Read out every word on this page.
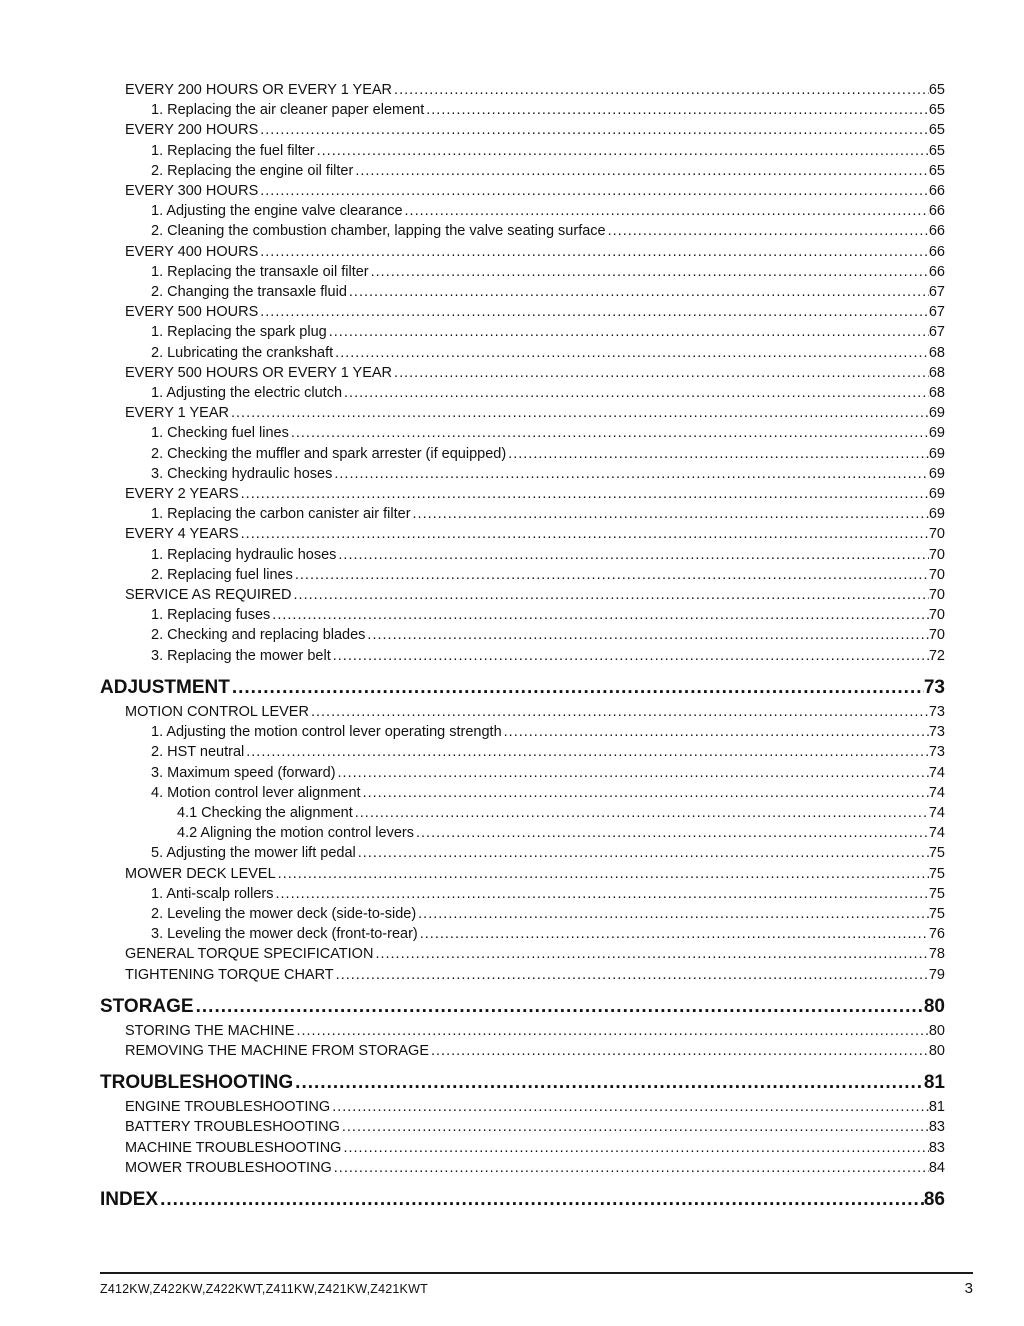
EVERY 200 HOURS OR EVERY 1 YEAR .....	65
1. Replacing the air cleaner paper element .....	65
EVERY 200 HOURS .....	65
1. Replacing the fuel filter .....	65
2. Replacing the engine oil filter .....	65
EVERY 300 HOURS .....	66
1. Adjusting the engine valve clearance .....	66
2. Cleaning the combustion chamber, lapping the valve seating surface .....	66
EVERY 400 HOURS .....	66
1. Replacing the transaxle oil filter .....	66
2. Changing the transaxle fluid .....	67
EVERY 500 HOURS .....	67
1. Replacing the spark plug .....	67
2. Lubricating the crankshaft .....	68
EVERY 500 HOURS OR EVERY 1 YEAR .....	68
1. Adjusting the electric clutch .....	68
EVERY 1 YEAR .....	69
1. Checking fuel lines .....	69
2. Checking the muffler and spark arrester (if equipped) .....	69
3. Checking hydraulic hoses .....	69
EVERY 2 YEARS .....	69
1. Replacing the carbon canister air filter .....	69
EVERY 4 YEARS .....	70
1. Replacing hydraulic hoses .....	70
2. Replacing fuel lines .....	70
SERVICE AS REQUIRED .....	70
1. Replacing fuses .....	70
2. Checking and replacing blades .....	70
3. Replacing the mower belt .....	72
ADJUSTMENT .....	73
MOTION CONTROL LEVER .....	73
1. Adjusting the motion control lever operating strength .....	73
2. HST neutral .....	73
3. Maximum speed (forward) .....	74
4. Motion control lever alignment .....	74
4.1 Checking the alignment .....	74
4.2 Aligning the motion control levers .....	74
5. Adjusting the mower lift pedal .....	75
MOWER DECK LEVEL .....	75
1. Anti-scalp rollers .....	75
2. Leveling the mower deck (side-to-side) .....	75
3. Leveling the mower deck (front-to-rear) .....	76
GENERAL TORQUE SPECIFICATION .....	78
TIGHTENING TORQUE CHART .....	79
STORAGE .....	80
STORING THE MACHINE .....	80
REMOVING THE MACHINE FROM STORAGE .....	80
TROUBLESHOOTING .....	81
ENGINE TROUBLESHOOTING .....	81
BATTERY TROUBLESHOOTING .....	83
MACHINE TROUBLESHOOTING .....	83
MOWER TROUBLESHOOTING .....	84
INDEX .....	86
Z412KW,Z422KW,Z422KWT,Z411KW,Z421KW,Z421KWT	3
